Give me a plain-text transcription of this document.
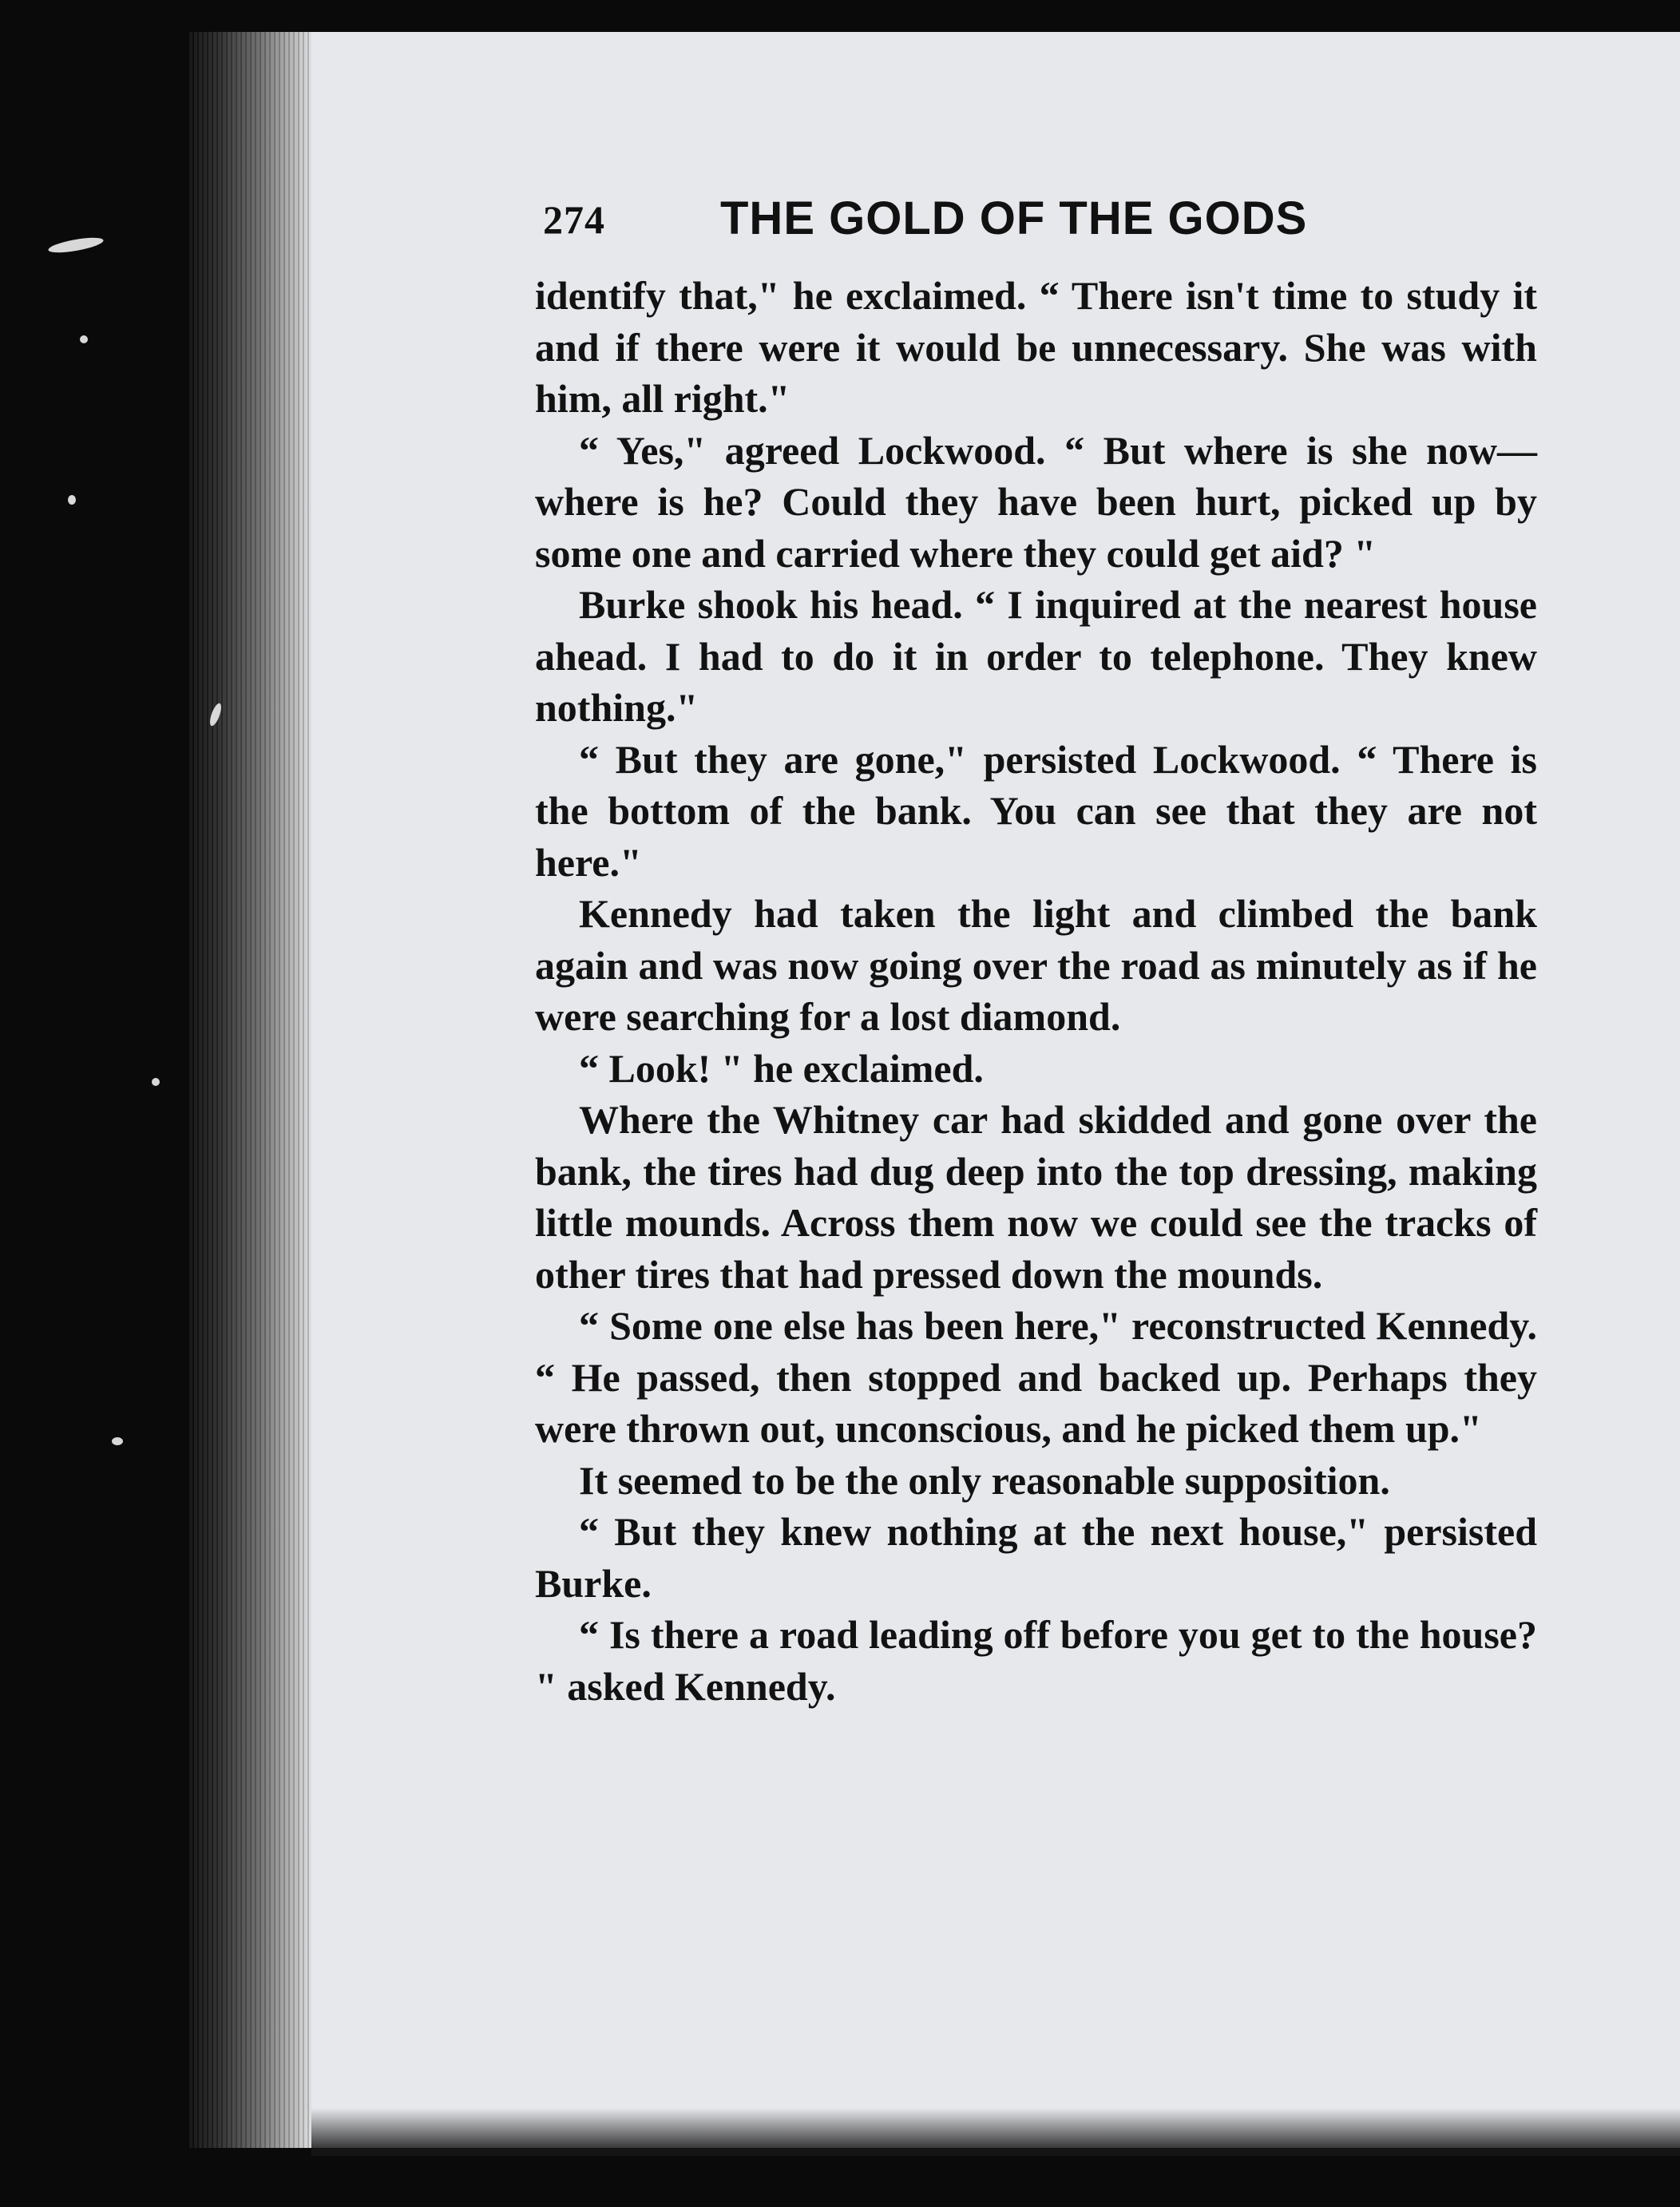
274 THE GOLD OF THE GODS

identify that," he exclaimed. “ There isn't time to study it and if there were it would be unnecessary. She was with him, all right."

“ Yes," agreed Lockwood. “ But where is she now—where is he? Could they have been hurt, picked up by some one and carried where they could get aid? "

Burke shook his head. “ I inquired at the nearest house ahead. I had to do it in order to telephone. They knew nothing."

“ But they are gone," persisted Lockwood. “ There is the bottom of the bank. You can see that they are not here."

Kennedy had taken the light and climbed the bank again and was now going over the road as minutely as if he were searching for a lost diamond.

“ Look! " he exclaimed.

Where the Whitney car had skidded and gone over the bank, the tires had dug deep into the top dressing, making little mounds. Across them now we could see the tracks of other tires that had pressed down the mounds.

“ Some one else has been here," reconstructed Kennedy. “ He passed, then stopped and backed up. Perhaps they were thrown out, unconscious, and he picked them up."

It seemed to be the only reasonable supposition.

“ But they knew nothing at the next house," persisted Burke.

“ Is there a road leading off before you get to the house? " asked Kennedy.
